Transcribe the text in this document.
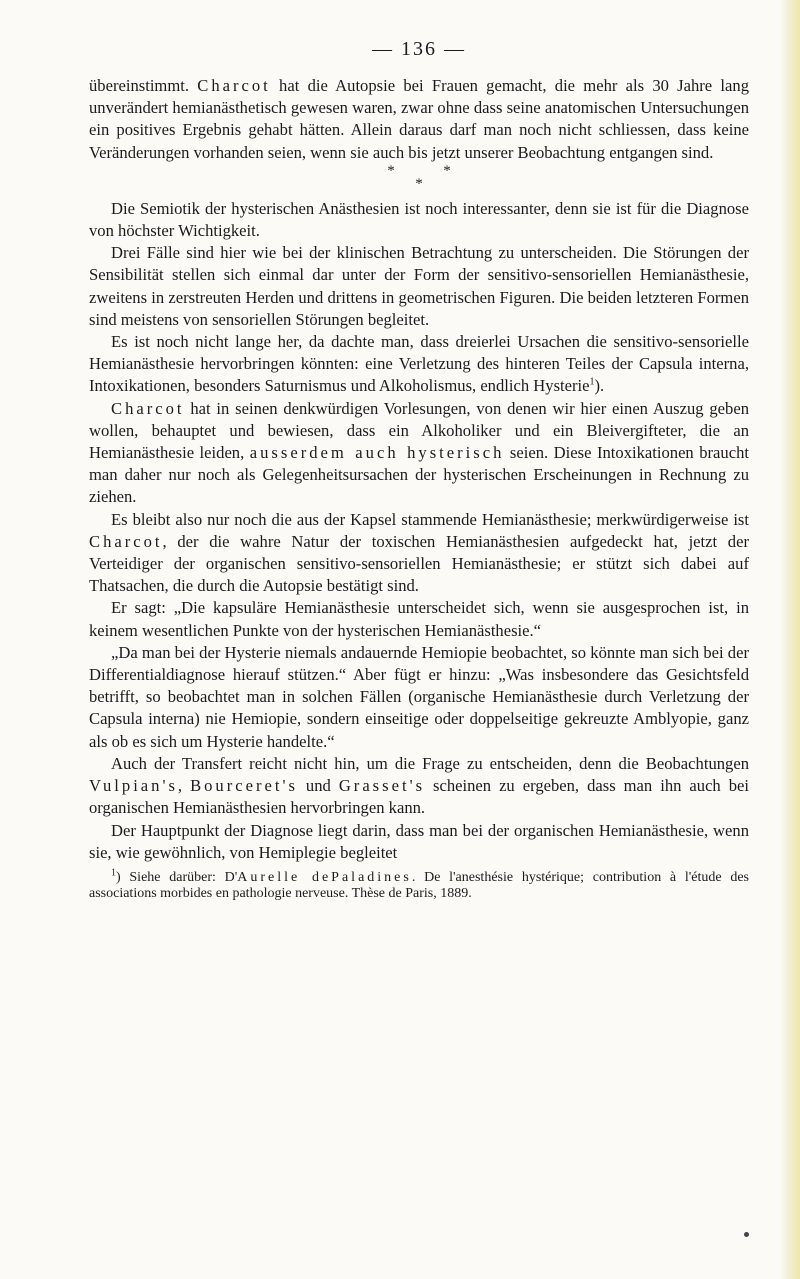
— 136 —

übereinstimmt. Charcot hat die Autopsie bei Frauen gemacht, die mehr als 30 Jahre lang unverändert hemianästhetisch gewesen waren, zwar ohne dass seine anatomischen Untersuchungen ein positives Ergebnis gehabt hätten. Allein daraus darf man noch nicht schliessen, dass keine Veränderungen vorhanden seien, wenn sie auch bis jetzt unserer Beobachtung entgangen sind.

*	*
*

Die Semiotik der hysterischen Anästhesien ist noch interessanter, denn sie ist für die Diagnose von höchster Wichtigkeit.

Drei Fälle sind hier wie bei der klinischen Betrachtung zu unterscheiden. Die Störungen der Sensibilität stellen sich einmal dar unter der Form der sensitivo-sensoriellen Hemianästhesie, zweitens in zerstreuten Herden und drittens in geometrischen Figuren. Die beiden letzteren Formen sind meistens von sensoriellen Störungen begleitet.

Es ist noch nicht lange her, da dachte man, dass dreierlei Ursachen die sensitivo-sensorielle Hemianästhesie hervorbringen könnten: eine Verletzung des hinteren Teiles der Capsula interna, Intoxikationen, besonders Saturnismus und Alkoholismus, endlich Hysterie$^1$).

Charcot hat in seinen denkwürdigen Vorlesungen, von denen wir hier einen Auszug geben wollen, behauptet und bewiesen, dass ein Alkoholiker und ein Bleivergifteter, die an Hemianästhesie leiden, ausserdem auch hysterisch seien. Diese Intoxikationen braucht man daher nur noch als Gelegenheitsursachen der hysterischen Erscheinungen in Rechnung zu ziehen.

Es bleibt also nur noch die aus der Kapsel stammende Hemianästhesie; merkwürdigerweise ist Charcot, der die wahre Natur der toxischen Hemianästhesien aufgedeckt hat, jetzt der Verteidiger der organischen sensitivo-sensoriellen Hemianästhesie; er stützt sich dabei auf Thatsachen, die durch die Autopsie bestätigt sind.

Er sagt: „Die kapsuläre Hemianästhesie unterscheidet sich, wenn sie ausgesprochen ist, in keinem wesentlichen Punkte von der hysterischen Hemianästhesie.“

„Da man bei der Hysterie niemals andauernde Hemiopie beobachtet, so könnte man sich bei der Differentialdiagnose hierauf stützen.“ Aber fügt er hinzu: „Was insbesondere das Gesichtsfeld betrifft, so beobachtet man in solchen Fällen (organische Hemianästhesie durch Verletzung der Capsula interna) nie Hemiopie, sondern einseitige oder doppelseitige gekreuzte Amblyopie, ganz als ob es sich um Hysterie handelte.“

Auch der Transfert reicht nicht hin, um die Frage zu entscheiden, denn die Beobachtungen Vulpian's, Bourceret's und Grasset's scheinen zu ergeben, dass man ihn auch bei organischen Hemianästhesien hervorbringen kann.

Der Hauptpunkt der Diagnose liegt darin, dass man bei der organischen Hemianästhesie, wenn sie, wie gewöhnlich, von Hemiplegie begleitet

$^1$) Siehe darüber: D'Aurelle dePaladines. De l'anesthésie hystérique; contribution à l'étude des associations morbides en pathologie nerveuse. Thèse de Paris, 1889.
